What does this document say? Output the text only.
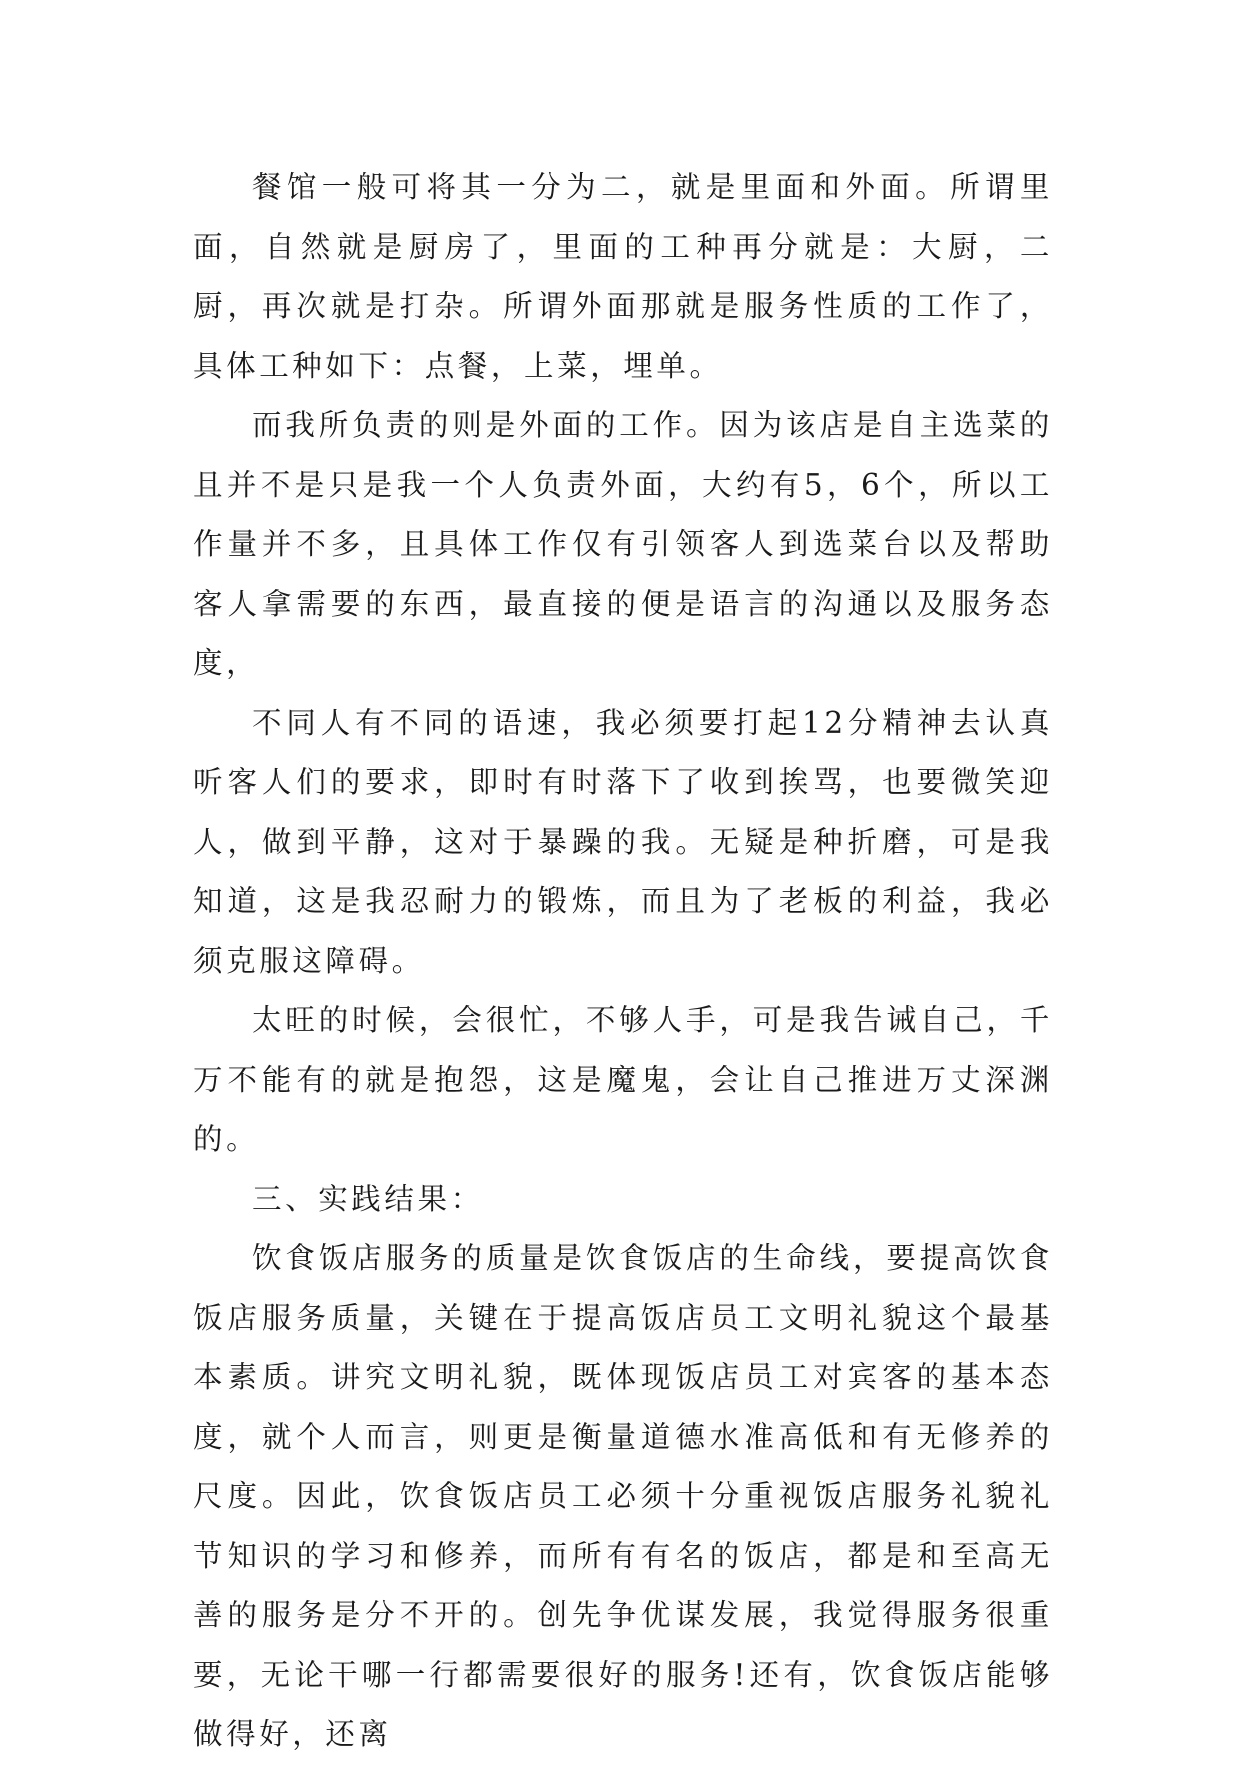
餐馆一般可将其一分为二，就是里面和外面。所谓里面，自然就是厨房了，里面的工种再分就是：大厨，二厨，再次就是打杂。所谓外面那就是服务性质的工作了，具体工种如下：点餐，上菜，埋单。

而我所负责的则是外面的工作。因为该店是自主选菜的且并不是只是我一个人负责外面，大约有5，6个，所以工作量并不多，且具体工作仅有引领客人到选菜台以及帮助客人拿需要的东西，最直接的便是语言的沟通以及服务态度，

不同人有不同的语速，我必须要打起12分精神去认真听客人们的要求，即时有时落下了收到挨骂，也要微笑迎人，做到平静，这对于暴躁的我。无疑是种折磨，可是我知道，这是我忍耐力的锻炼，而且为了老板的利益，我必须克服这障碍。

太旺的时候，会很忙，不够人手，可是我告诫自己，千万不能有的就是抱怨，这是魔鬼，会让自己推进万丈深渊的。

三、实践结果：

饮食饭店服务的质量是饮食饭店的生命线，要提高饮食饭店服务质量，关键在于提高饭店员工文明礼貌这个最基本素质。讲究文明礼貌，既体现饭店员工对宾客的基本态度，就个人而言，则更是衡量道德水准高低和有无修养的尺度。因此，饮食饭店员工必须十分重视饭店服务礼貌礼节知识的学习和修养，而所有有名的饭店，都是和至高无善的服务是分不开的。创先争优谋发展，我觉得服务很重要，无论干哪一行都需要很好的服务!还有，饮食饭店能够做得好，还离
